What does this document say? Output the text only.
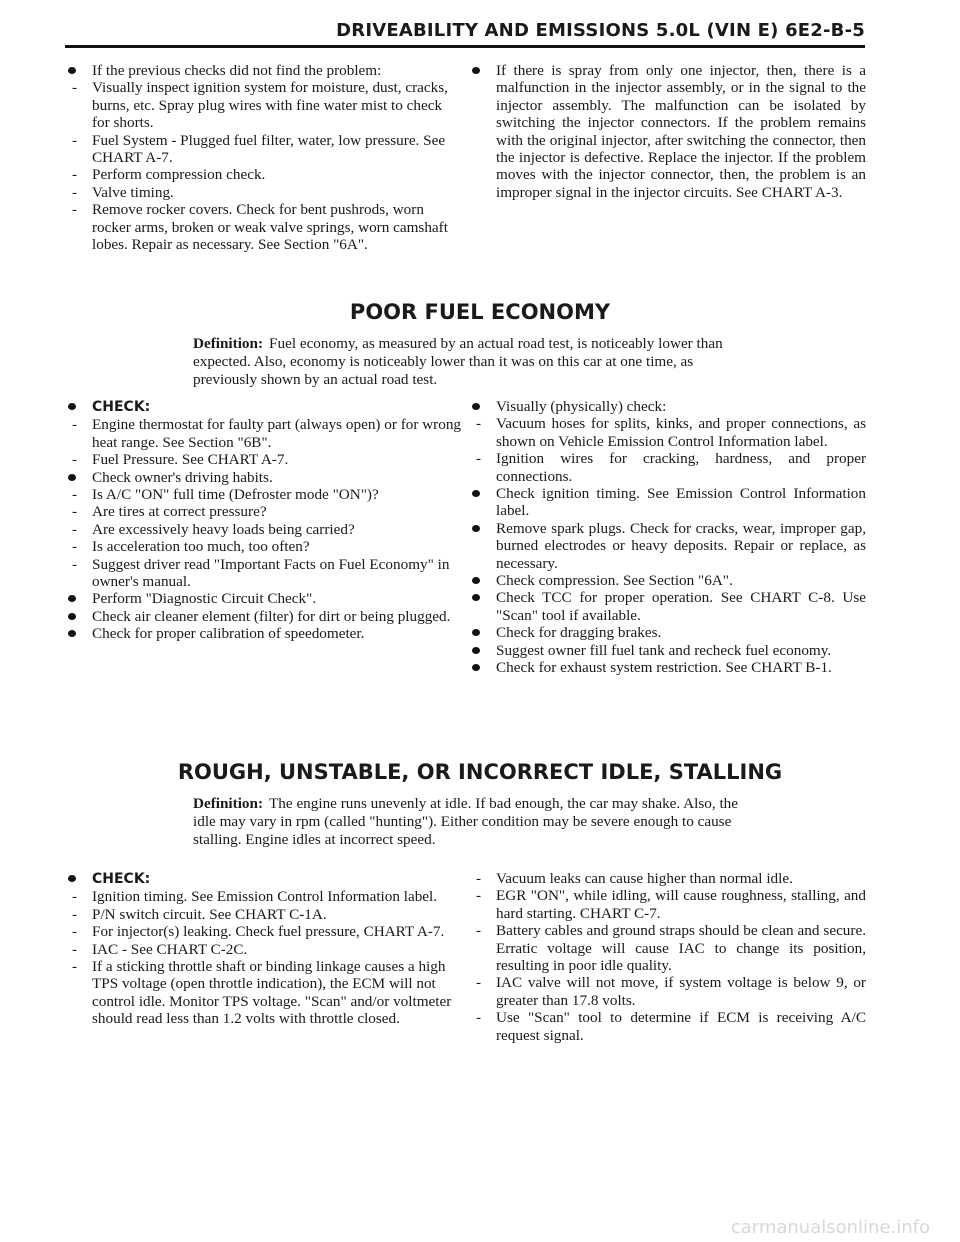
DRIVEABILITY AND EMISSIONS 5.0L (VIN E) 6E2-B-5

If the previous checks did not find the problem:

- Visually inspect ignition system for moisture, dust, cracks, burns, etc. Spray plug wires with fine water mist to check for shorts.

- Fuel System - Plugged fuel filter, water, low pressure. See CHART A-7.

- Perform compression check.

- Valve timing.

- Remove rocker covers. Check for bent pushrods, worn rocker arms, broken or weak valve springs, worn camshaft lobes. Repair as necessary. See Section "6A".

If there is spray from only one injector, then, there is a malfunction in the injector assembly, or in the signal to the injector assembly. The malfunction can be isolated by switching the injector connectors. If the problem remains with the original injector, after switching the connector, then the injector is defective. Replace the injector. If the problem moves with the injector connector, then, the problem is an improper signal in the injector circuits. See CHART A-3.

POOR FUEL ECONOMY
Definition: Fuel economy, as measured by an actual road test, is noticeably lower than expected. Also, economy is noticeably lower than it was on this car at one time, as previously shown by an actual road test.

CHECK:

- Engine thermostat for faulty part (always open) or for wrong heat range. See Section "6B".

- Fuel Pressure. See CHART A-7.

Check owner's driving habits.

- Is A/C "ON" full time (Defroster mode "ON")?

- Are tires at correct pressure?

- Are excessively heavy loads being carried?

- Is acceleration too much, too often?

- Suggest driver read "Important Facts on Fuel Economy" in owner's manual.

Perform "Diagnostic Circuit Check".

Check air cleaner element (filter) for dirt or being plugged.

Check for proper calibration of speedometer.

Visually (physically) check:

- Vacuum hoses for splits, kinks, and proper connections, as shown on Vehicle Emission Control Information label.

- Ignition wires for cracking, hardness, and proper connections.

Check ignition timing. See Emission Control Information label.

Remove spark plugs. Check for cracks, wear, improper gap, burned electrodes or heavy deposits. Repair or replace, as necessary.

Check compression. See Section "6A".

Check TCC for proper operation. See CHART C-8. Use "Scan" tool if available.

Check for dragging brakes.

Suggest owner fill fuel tank and recheck fuel economy.

Check for exhaust system restriction. See CHART B-1.

ROUGH, UNSTABLE, OR INCORRECT IDLE, STALLING
Definition: The engine runs unevenly at idle. If bad enough, the car may shake. Also, the idle may vary in rpm (called "hunting"). Either condition may be severe enough to cause stalling. Engine idles at incorrect speed.

CHECK:

- Ignition timing. See Emission Control Information label.

- P/N switch circuit. See CHART C-1A.

- For injector(s) leaking. Check fuel pressure, CHART A-7.

- IAC - See CHART C-2C.

- If a sticking throttle shaft or binding linkage causes a high TPS voltage (open throttle indication), the ECM will not control idle. Monitor TPS voltage. "Scan" and/or voltmeter should read less than 1.2 volts with throttle closed.

- Vacuum leaks can cause higher than normal idle.

- EGR "ON", while idling, will cause roughness, stalling, and hard starting. CHART C-7.

- Battery cables and ground straps should be clean and secure. Erratic voltage will cause IAC to change its position, resulting in poor idle quality.

- IAC valve will not move, if system voltage is below 9, or greater than 17.8 volts.

- Use "Scan" tool to determine if ECM is receiving A/C request signal.

carmanualsonline.info
